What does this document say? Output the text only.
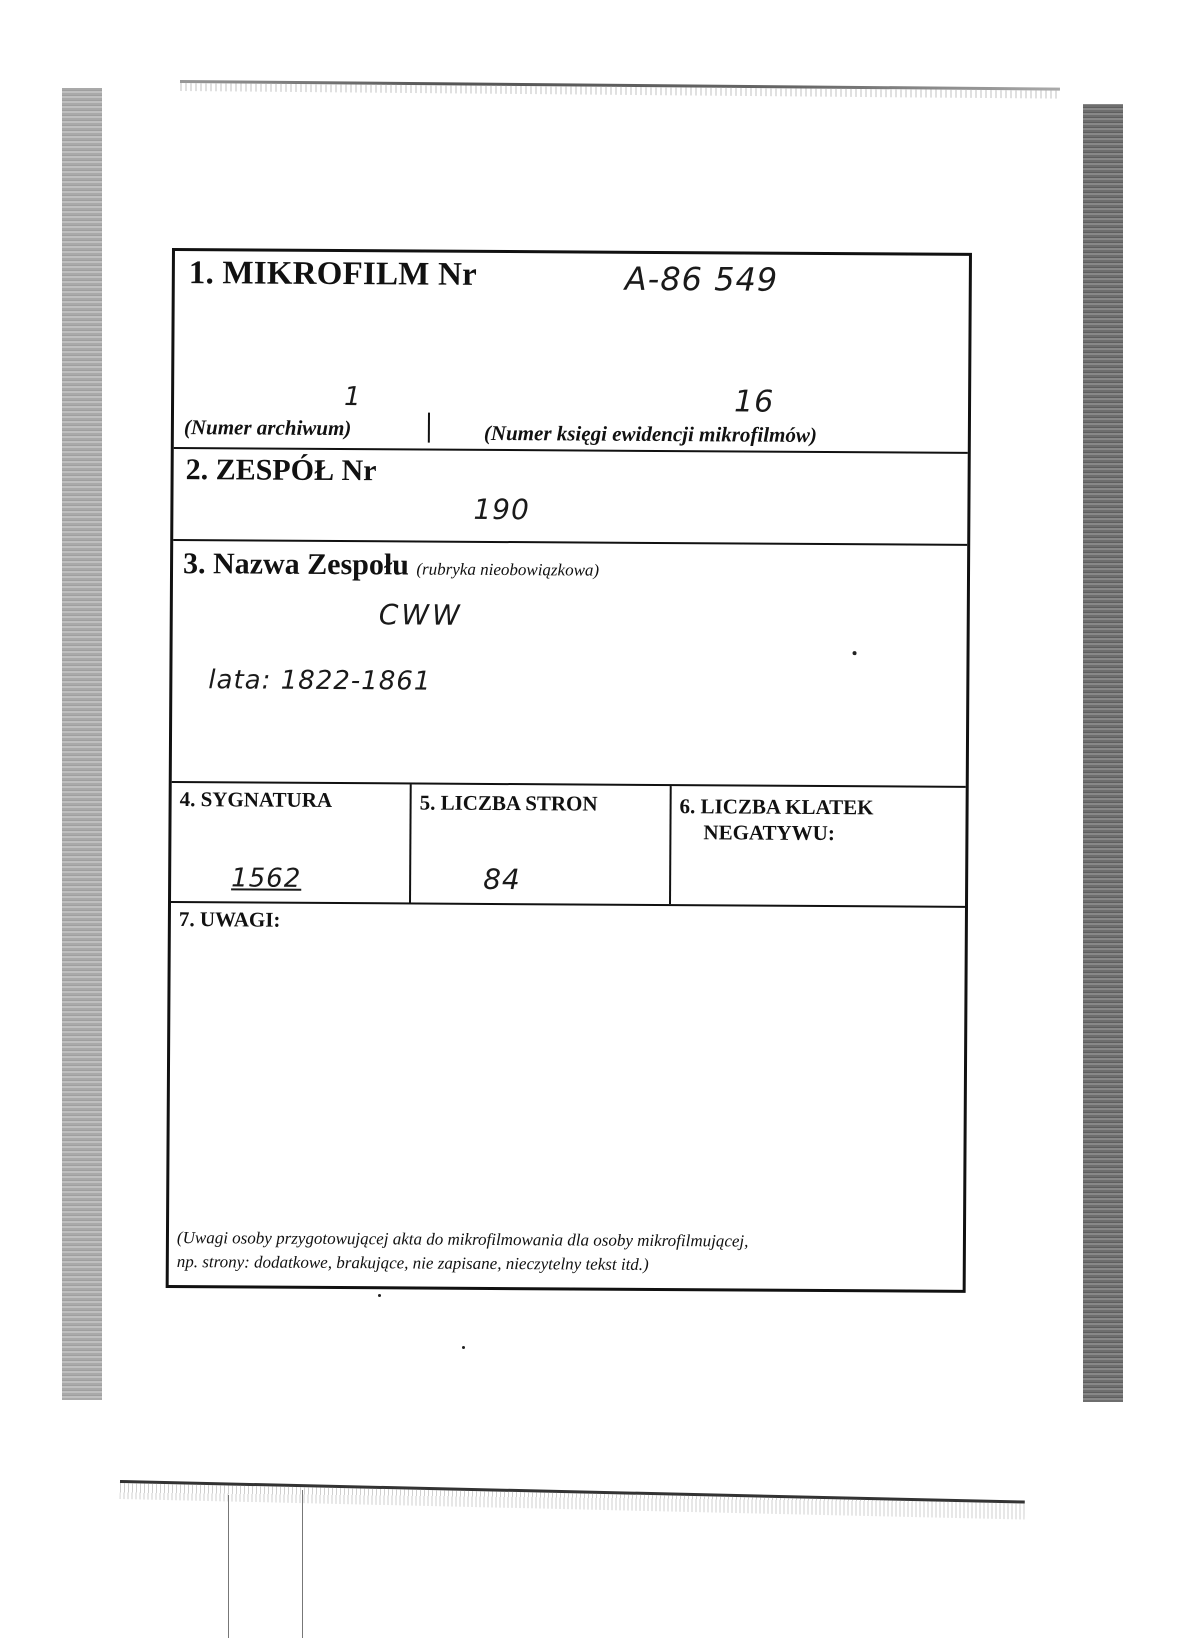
1. MIKROFILM Nr	A-86 549
1	16
(Numer archiwum)	(Numer księgi ewidencji mikrofilmów)
2. ZESPÓŁ Nr
190
3. Nazwa Zespołu (rubryka nieobowiązkowa)
CWW
lata: 1822-1861
4. SYGNATURA
1562
5. LICZBA STRON
84
6. LICZBA KLATEK
NEGATYWU:
7. UWAGI:
(Uwagi osoby przygotowującej akta do mikrofilmowania dla osoby mikrofilmującej,
np. strony: dodatkowe, brakujące, nie zapisane, nieczytelny tekst itd.)
